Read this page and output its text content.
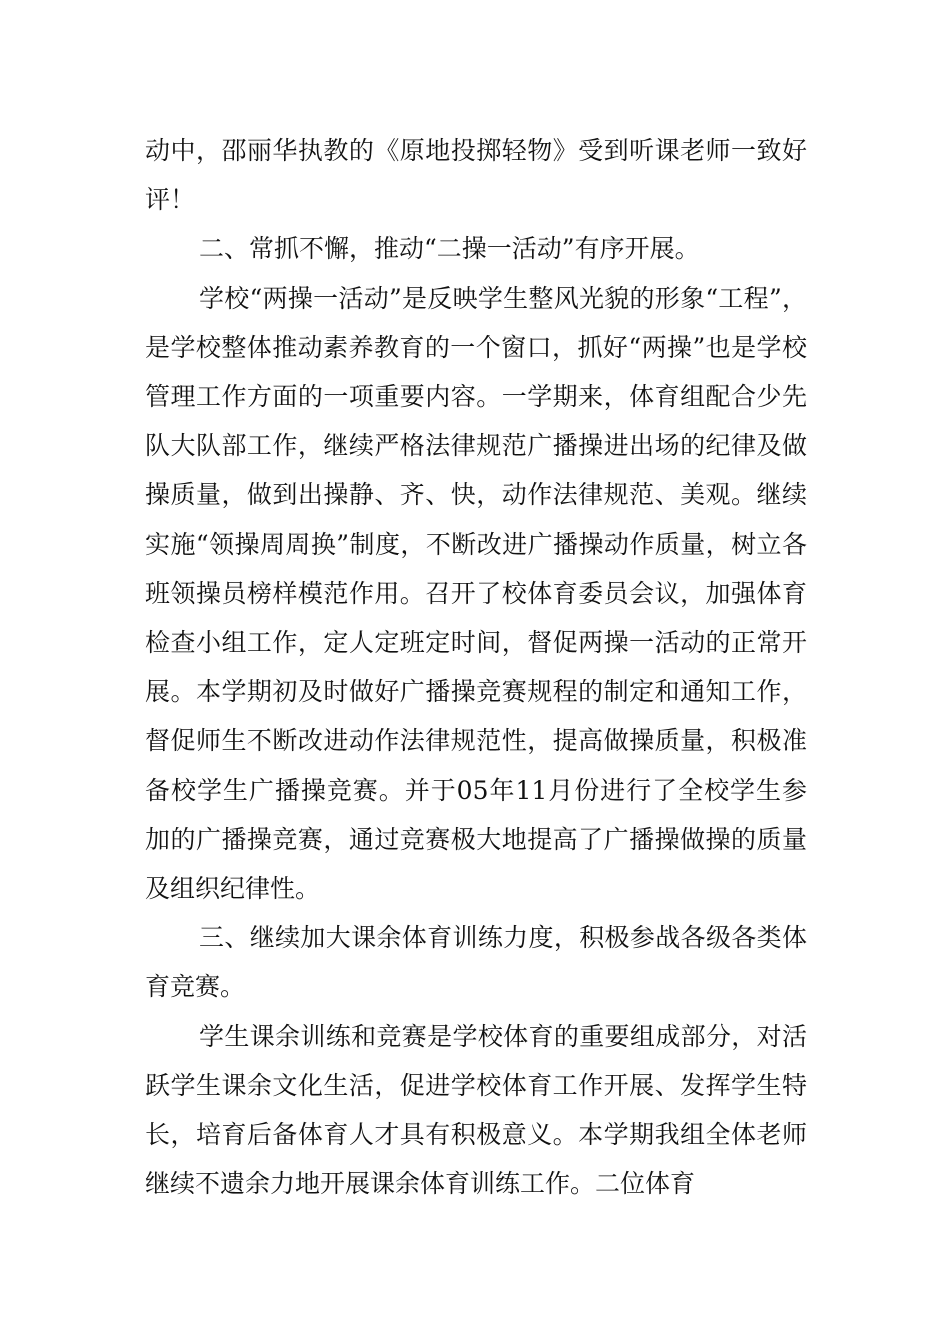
动中，邵丽华执教的《原地投掷轻物》受到听课老师一致好评！

二、常抓不懈，推动“二操一活动”有序开展。

学校“两操一活动”是反映学生整风光貌的形象“工程”，是学校整体推动素养教育的一个窗口，抓好“两操”也是学校管理工作方面的一项重要内容。一学期来，体育组配合少先队大队部工作，继续严格法律规范广播操进出场的纪律及做操质量，做到出操静、齐、快，动作法律规范、美观。继续实施“领操周周换”制度，不断改进广播操动作质量，树立各班领操员榜样模范作用。召开了校体育委员会议，加强体育检查小组工作，定人定班定时间，督促两操一活动的正常开展。本学期初及时做好广播操竞赛规程的制定和通知工作，督促师生不断改进动作法律规范性，提高做操质量，积极准备校学生广播操竞赛。并于05年11月份进行了全校学生参加的广播操竞赛，通过竞赛极大地提高了广播操做操的质量及组织纪律性。

三、继续加大课余体育训练力度，积极参战各级各类体育竞赛。

学生课余训练和竞赛是学校体育的重要组成部分，对活跃学生课余文化生活，促进学校体育工作开展、发挥学生特长，培育后备体育人才具有积极意义。本学期我组全体老师继续不遗余力地开展课余体育训练工作。二位体育
